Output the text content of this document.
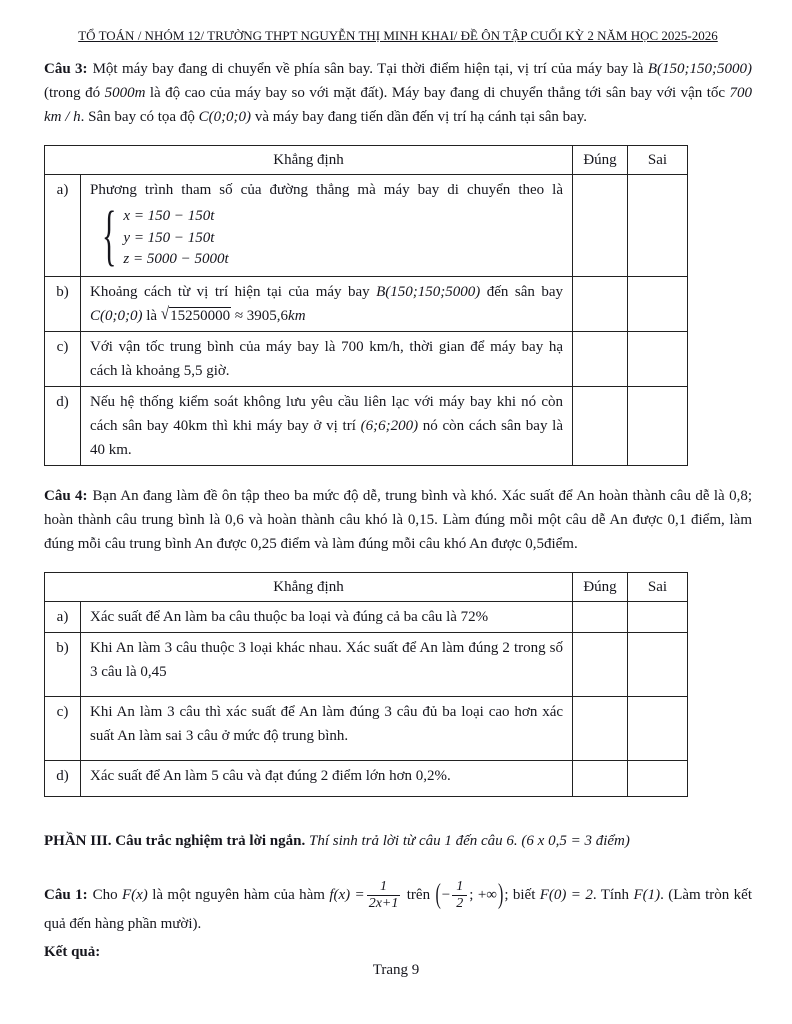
TỔ TOÁN / NHÓM 12/ TRƯỜNG THPT NGUYỄN THỊ MINH KHAI/ ĐỀ ÔN TẬP CUỐI KỲ 2 NĂM HỌC 2025-2026

Câu 3: Một máy bay đang di chuyển về phía sân bay. Tại thời điểm hiện tại, vị trí của máy bay là B(150;150;5000) (trong đó 5000m là độ cao của máy bay so với mặt đất). Máy bay đang di chuyển thẳng tới sân bay với vận tốc 700 km / h. Sân bay có tọa độ C(0;0;0) và máy bay đang tiến dần đến vị trí hạ cánh tại sân bay.

Khẳng định		Đúng	Sai
a)	Phương trình tham số của đường thẳng mà máy bay di chuyển theo là
{ x = 150 − 150t
y = 150 − 150t
z = 5000 − 5000t		

b)	Khoảng cách từ vị trí hiện tại của máy bay B(150;150;5000) đến sân bay C(0;0;0) là √15250000 ≈ 3905,6km		
c)	Với vận tốc trung bình của máy bay là 700 km/h, thời gian để máy bay hạ cách là khoảng 5,5 giờ.		
d)	Nếu hệ thống kiểm soát không lưu yêu cầu liên lạc với máy bay khi nó còn cách sân bay 40km thì khi máy bay ở vị trí (6;6;200) nó còn cách sân bay là 40 km.		

Câu 4: Bạn An đang làm đề ôn tập theo ba mức độ dễ, trung bình và khó. Xác suất để An hoàn thành câu dễ là 0,8; hoàn thành câu trung bình là 0,6 và hoàn thành câu khó là 0,15. Làm đúng mỗi một câu dễ An được 0,1 điểm, làm đúng mỗi câu trung bình An được 0,25 điểm và làm đúng mỗi câu khó An được 0,5điểm.

Khẳng định		Đúng	Sai
a)	Xác suất để An làm ba câu thuộc ba loại và đúng cả ba câu là 72%		
b)	Khi An làm 3 câu thuộc 3 loại khác nhau. Xác suất để An làm đúng 2 trong số 3 câu là 0,45		
c)	Khi An làm 3 câu thì xác suất để An làm đúng 3 câu đủ ba loại cao hơn xác suất An làm sai 3 câu ở mức độ trung bình.		
d)	Xác suất để An làm 5 câu và đạt đúng 2 điểm lớn hơn 0,2%.		

PHẦN III. Câu trắc nghiệm trả lời ngắn. Thí sinh trả lời từ câu 1 đến câu 6. (6 x 0,5 = 3 điểm)

Câu 1: Cho F(x) là một nguyên hàm của hàm $f(x) = \frac{1}{2x+1}$ trên (− $\frac{1}{2}$ ; +∞); biết F(0) = 2. Tính F(1). (Làm tròn kết quả đến hàng phần mười).

Kết quả:

Trang 9
